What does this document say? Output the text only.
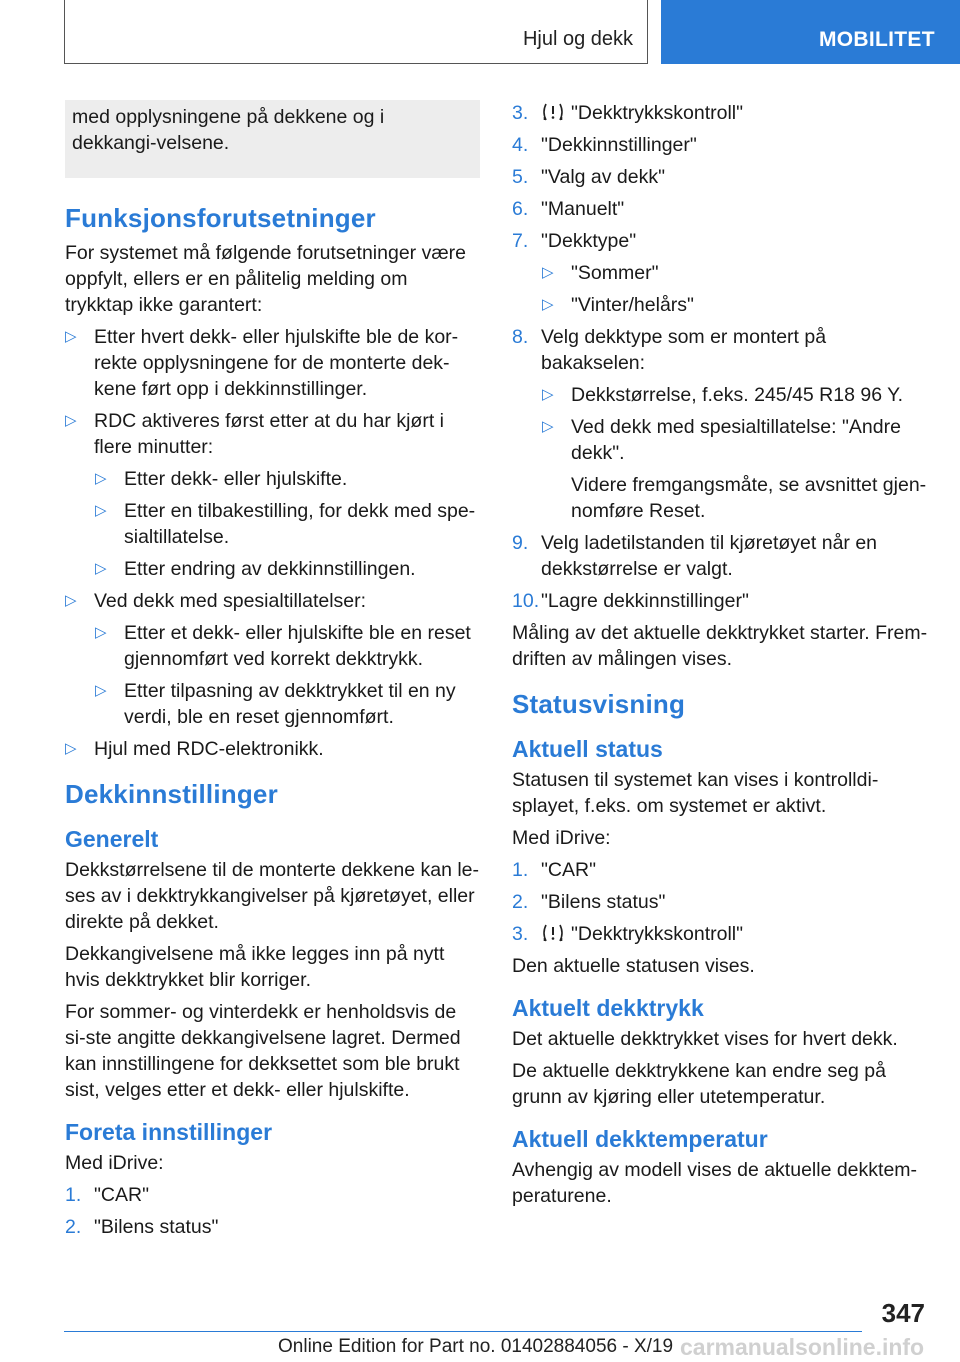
Hjul og dekk	MOBILITET
med opplysningene på dekkene og i dekkangi-velsene.
Funksjonsforutsetninger

For systemet må følgende forutsetninger være oppfylt, ellers er en pålitelig melding om trykktap ikke garantert:

▷ Etter hvert dekk- eller hjulskifte ble de kor-rekte opplysningene for de monterte dek-kene ført opp i dekkinnstillinger.
▷ RDC aktiveres først etter at du har kjørt i flere minutter:
▷ Etter dekk- eller hjulskifte.
▷ Etter en tilbakestilling, for dekk med spe-sialtillatelse.
▷ Etter endring av dekkinnstillingen.
▷ Ved dekk med spesialtillatelser:
▷ Etter et dekk- eller hjulskifte ble en reset gjennomført ved korrekt dekktrykk.
▷ Etter tilpasning av dekktrykket til en ny verdi, ble en reset gjennomført.
▷ Hjul med RDC-elektronikk.
Dekkinnstillinger
Generelt

Dekkstørrelsene til de monterte dekkene kan le-ses av i dekktrykkangivelser på kjøretøyet, eller direkte på dekket.

Dekkangivelsene må ikke legges inn på nytt hvis dekktrykket blir korriger.

For sommer- og vinterdekk er henholdsvis de si-ste angitte dekkangivelsene lagret. Dermed kan innstillingene for dekksettet som ble brukt sist, velges etter et dekk- eller hjulskifte.

Foreta innstillinger

Med iDrive:

1. "CAR"
2. "Bilens status"
3. "Dekktrykkskontroll"
4. "Dekkinnstillinger"
5. "Valg av dekk"
6. "Manuelt"
7. "Dekktype"
▷ "Sommer"
▷ "Vinter/helårs"
8. Velg dekktype som er montert på bakakselen:
▷ Dekkstørrelse, f.eks. 245/45 R18 96 Y.
▷ Ved dekk med spesialtillatelse: "Andre dekk".
Videre fremgangsmåte, se avsnittet gjen-nomføre Reset.
9. Velg ladetilstanden til kjøretøyet når en dekkstørrelse er valgt.
10. "Lagre dekkinnstillinger"

Måling av det aktuelle dekktrykket starter. Frem-driften av målingen vises.

Statusvisning
Aktuell status

Statusen til systemet kan vises i kontrolldi-splayet, f.eks. om systemet er aktivt.

Med iDrive:

1. "CAR"
2. "Bilens status"
3. "Dekktrykkskontroll"

Den aktuelle statusen vises.

Aktuelt dekktrykk

Det aktuelle dekktrykket vises for hvert dekk.

De aktuelle dekktrykkene kan endre seg på grunn av kjøring eller utetemperatur.

Aktuell dekktemperatur

Avhengig av modell vises de aktuelle dekktem-peraturene.

347
Online Edition for Part no. 01402884056 - X/19 carmanualsonline.info
